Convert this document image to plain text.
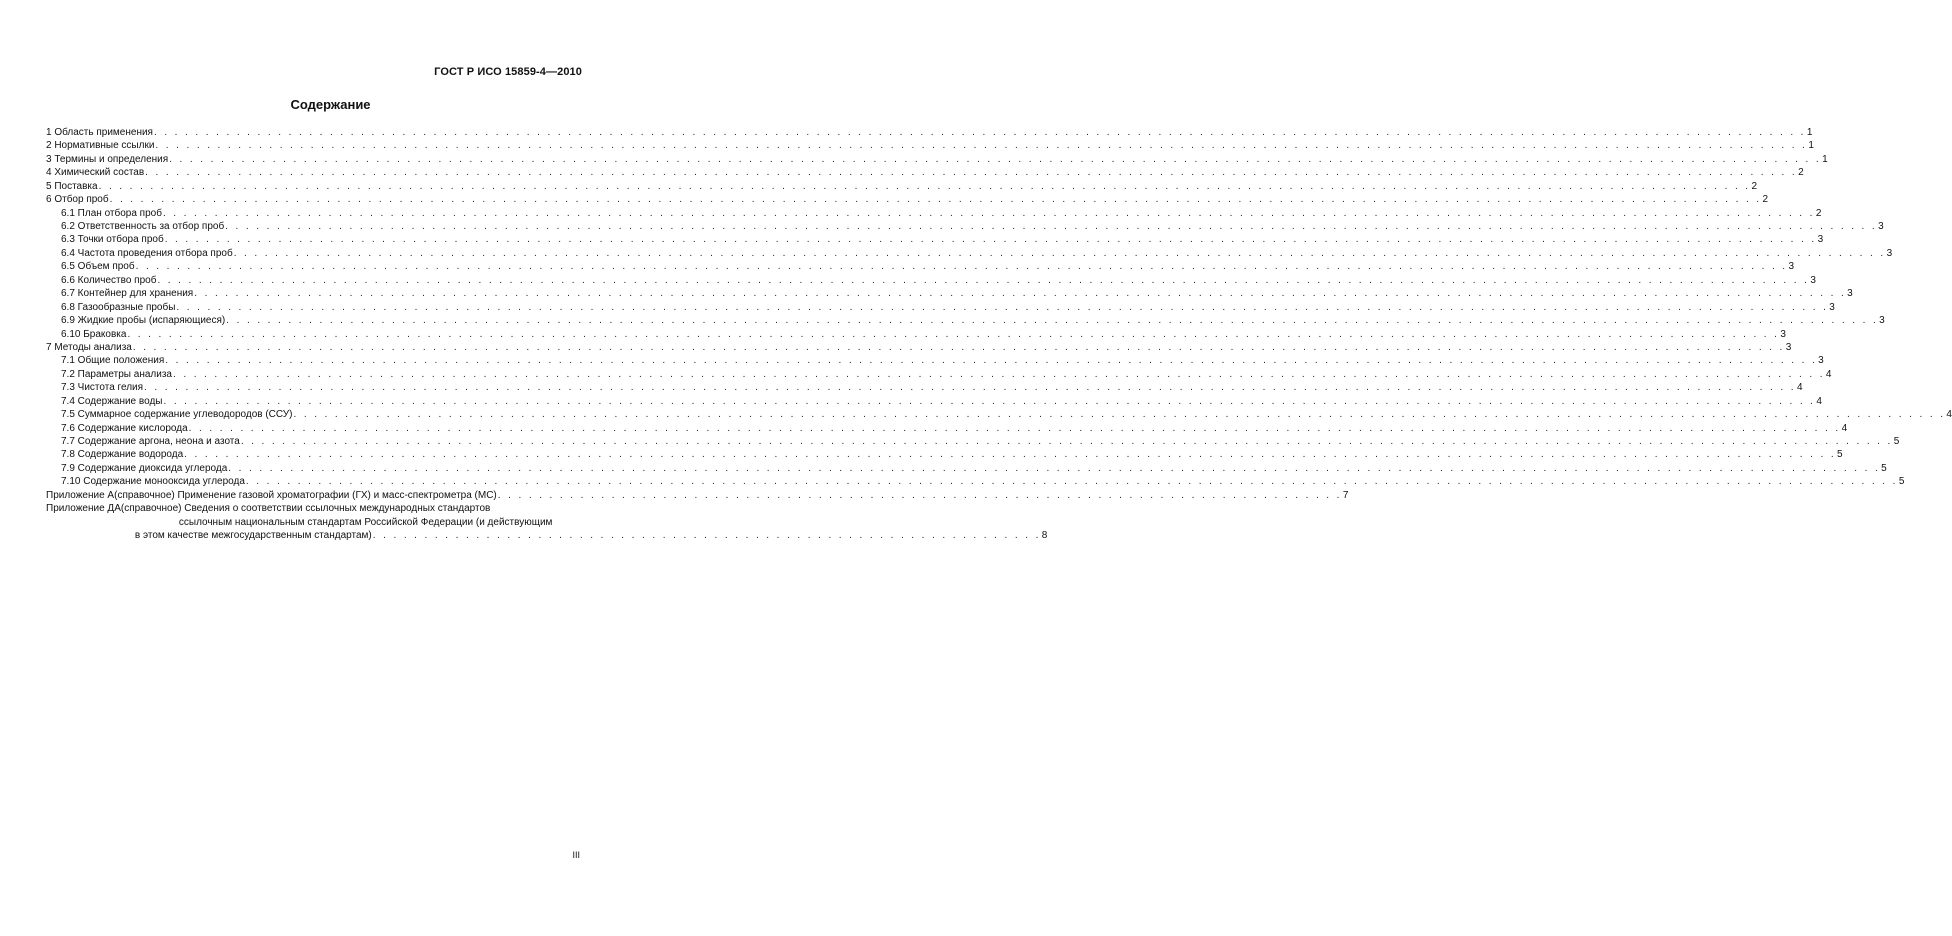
ГОСТ Р ИСО 15859-4—2010
Содержание
1 Область применения . . . . . . . . . . . . . . . . . . . . . . . . . . . . . . . . . . . . . . . . . . . . . . . . . . . . . . . . . . . . . . . . . . . . . . . . . . . . . . . . . . . . . . . . . . . . . . . . . . . . . . . . . . . . . . . . . . . . . . . . . . . . . . . . . . . . . . . . . . . . . . . . . . . . . . . . . . . . . . . . 1
2 Нормативные ссылки . . . . . . . . . . . . . . . . . . . . . . . . . . . . . . . . . . . . . . . . . . . . . . . . . . . . . . . . . . . . . . . . . . . . . . . . . . . . . . . . . . . . . . . . . . . . . . . . . . . . . . . . . . . . . . . . . . . . . . . . . . . . . . . . . . . . . . . . . . . . . . . . . . . . . . . . . . . . . . . . 1
3 Термины и определения . . . . . . . . . . . . . . . . . . . . . . . . . . . . . . . . . . . . . . . . . . . . . . . . . . . . . . . . . . . . . . . . . . . . . . . . . . . . . . . . . . . . . . . . . . . . . . . . . . . . . . . . . . . . . . . . . . . . . . . . . . . . . . . . . . . . . . . . . . . . . . . . . . . . . . . . . . . . . . . . 1
4 Химический состав . . . . . . . . . . . . . . . . . . . . . . . . . . . . . . . . . . . . . . . . . . . . . . . . . . . . . . . . . . . . . . . . . . . . . . . . . . . . . . . . . . . . . . . . . . . . . . . . . . . . . . . . . . . . . . . . . . . . . . . . . . . . . . . . . . . . . . . . . . . . . . . . . . . . . . . . . . . . . . . . 2
5 Поставка . . . . . . . . . . . . . . . . . . . . . . . . . . . . . . . . . . . . . . . . . . . . . . . . . . . . . . . . . . . . . . . . . . . . . . . . . . . . . . . . . . . . . . . . . . . . . . . . . . . . . . . . . . . . . . . . . . . . . . . . . . . . . . . . . . . . . . . . . . . . . . . . . . . . . . . . . . . . . . . . 2
6 Отбор проб . . . . . . . . . . . . . . . . . . . . . . . . . . . . . . . . . . . . . . . . . . . . . . . . . . . . . . . . . . . . . . . . . . . . . . . . . . . . . . . . . . . . . . . . . . . . . . . . . . . . . . . . . . . . . . . . . . . . . . . . . . . . . . . . . . . . . . . . . . . . . . . . . . . . . . . . . . . . . . . . 2
6.1 План отбора проб . . . . . . . . . . . . . . . . . . . . . . . . . . . . . . . . . . . . . . . . . . . . . . . . . . . . . . . . . . . . . . . . . . . . . . . . . . . . . . . . . . . . . . . . . . . . . . . . . . . . . . . . . . . . . . . . . . . . . . . . . . . . . . . . . . . . . . . . . . . . . . . . . . . . . . . . . . . . . . . . 2
6.2 Ответственность за отбор проб . . . . . . . . . . . . . . . . . . . . . . . . . . . . . . . . . . . . . . . . . . . . . . . . . . . . . . . . . . . . . . . . . . . . . . . . . . . . . . . . . . . . . . . . . . . . . . . . . . . . . . . . . . . . . . . . . . . . . . . . . . . . . . . . . . . . . . . . . . . . . . . . . . . . . . . . . . . . . . . . 3
6.3 Точки отбора проб . . . . . . . . . . . . . . . . . . . . . . . . . . . . . . . . . . . . . . . . . . . . . . . . . . . . . . . . . . . . . . . . . . . . . . . . . . . . . . . . . . . . . . . . . . . . . . . . . . . . . . . . . . . . . . . . . . . . . . . . . . . . . . . . . . . . . . . . . . . . . . . . . . . . . . . . . . . . . . . . 3
6.4 Частота проведения отбора проб . . . . . . . . . . . . . . . . . . . . . . . . . . . . . . . . . . . . . . . . . . . . . . . . . . . . . . . . . . . . . . . . . . . . . . . . . . . . . . . . . . . . . . . . . . . . . . . . . . . . . . . . . . . . . . . . . . . . . . . . . . . . . . . . . . . . . . . . . . . . . . . . . . . . . . . . . . . . . . . . 3
6.5 Объем проб . . . . . . . . . . . . . . . . . . . . . . . . . . . . . . . . . . . . . . . . . . . . . . . . . . . . . . . . . . . . . . . . . . . . . . . . . . . . . . . . . . . . . . . . . . . . . . . . . . . . . . . . . . . . . . . . . . . . . . . . . . . . . . . . . . . . . . . . . . . . . . . . . . . . . . . . . . . . . . . . 3
6.6 Количество проб . . . . . . . . . . . . . . . . . . . . . . . . . . . . . . . . . . . . . . . . . . . . . . . . . . . . . . . . . . . . . . . . . . . . . . . . . . . . . . . . . . . . . . . . . . . . . . . . . . . . . . . . . . . . . . . . . . . . . . . . . . . . . . . . . . . . . . . . . . . . . . . . . . . . . . . . . . . . . . . . 3
6.7 Контейнер для хранения . . . . . . . . . . . . . . . . . . . . . . . . . . . . . . . . . . . . . . . . . . . . . . . . . . . . . . . . . . . . . . . . . . . . . . . . . . . . . . . . . . . . . . . . . . . . . . . . . . . . . . . . . . . . . . . . . . . . . . . . . . . . . . . . . . . . . . . . . . . . . . . . . . . . . . . . . . . . . . . . 3
6.8 Газообразные пробы . . . . . . . . . . . . . . . . . . . . . . . . . . . . . . . . . . . . . . . . . . . . . . . . . . . . . . . . . . . . . . . . . . . . . . . . . . . . . . . . . . . . . . . . . . . . . . . . . . . . . . . . . . . . . . . . . . . . . . . . . . . . . . . . . . . . . . . . . . . . . . . . . . . . . . . . . . . . . . . . 3
6.9 Жидкие пробы (испаряющиеся) . . . . . . . . . . . . . . . . . . . . . . . . . . . . . . . . . . . . . . . . . . . . . . . . . . . . . . . . . . . . . . . . . . . . . . . . . . . . . . . . . . . . . . . . . . . . . . . . . . . . . . . . . . . . . . . . . . . . . . . . . . . . . . . . . . . . . . . . . . . . . . . . . . . . . . . . . . . . . . . . 3
6.10 Браковка . . . . . . . . . . . . . . . . . . . . . . . . . . . . . . . . . . . . . . . . . . . . . . . . . . . . . . . . . . . . . . . . . . . . . . . . . . . . . . . . . . . . . . . . . . . . . . . . . . . . . . . . . . . . . . . . . . . . . . . . . . . . . . . . . . . . . . . . . . . . . . . . . . . . . . . . . . . . . . . . 3
7 Методы анализа . . . . . . . . . . . . . . . . . . . . . . . . . . . . . . . . . . . . . . . . . . . . . . . . . . . . . . . . . . . . . . . . . . . . . . . . . . . . . . . . . . . . . . . . . . . . . . . . . . . . . . . . . . . . . . . . . . . . . . . . . . . . . . . . . . . . . . . . . . . . . . . . . . . . . . . . . . . . . . . . 3
7.1 Общие положения . . . . . . . . . . . . . . . . . . . . . . . . . . . . . . . . . . . . . . . . . . . . . . . . . . . . . . . . . . . . . . . . . . . . . . . . . . . . . . . . . . . . . . . . . . . . . . . . . . . . . . . . . . . . . . . . . . . . . . . . . . . . . . . . . . . . . . . . . . . . . . . . . . . . . . . . . . . . . . . . 3
7.2 Параметры анализа . . . . . . . . . . . . . . . . . . . . . . . . . . . . . . . . . . . . . . . . . . . . . . . . . . . . . . . . . . . . . . . . . . . . . . . . . . . . . . . . . . . . . . . . . . . . . . . . . . . . . . . . . . . . . . . . . . . . . . . . . . . . . . . . . . . . . . . . . . . . . . . . . . . . . . . . . . . . . . . . 4
7.3 Чистота гелия . . . . . . . . . . . . . . . . . . . . . . . . . . . . . . . . . . . . . . . . . . . . . . . . . . . . . . . . . . . . . . . . . . . . . . . . . . . . . . . . . . . . . . . . . . . . . . . . . . . . . . . . . . . . . . . . . . . . . . . . . . . . . . . . . . . . . . . . . . . . . . . . . . . . . . . . . . . . . . . . 4
7.4 Содержание воды . . . . . . . . . . . . . . . . . . . . . . . . . . . . . . . . . . . . . . . . . . . . . . . . . . . . . . . . . . . . . . . . . . . . . . . . . . . . . . . . . . . . . . . . . . . . . . . . . . . . . . . . . . . . . . . . . . . . . . . . . . . . . . . . . . . . . . . . . . . . . . . . . . . . . . . . . . . . . . . . 4
7.5 Суммарное содержание углеводородов (ССУ) . . . . . . . . . . . . . . . . . . . . . . . . . . . . . . . . . . . . . . . . . . . . . . . . . . . . . . . . . . . . . . . . . . . . . . . . . . . . . . . . . . . . . . . . . . . . . . . . . . . . . . . . . . . . . . . . . . . . . . . . . . . . . . . . . . . . . . . . . . . . . . . . . . . . . . . . . . . . . . . . 4
7.6 Содержание кислорода . . . . . . . . . . . . . . . . . . . . . . . . . . . . . . . . . . . . . . . . . . . . . . . . . . . . . . . . . . . . . . . . . . . . . . . . . . . . . . . . . . . . . . . . . . . . . . . . . . . . . . . . . . . . . . . . . . . . . . . . . . . . . . . . . . . . . . . . . . . . . . . . . . . . . . . . . . . . . . . . 4
7.7 Содержание аргона, неона и азота . . . . . . . . . . . . . . . . . . . . . . . . . . . . . . . . . . . . . . . . . . . . . . . . . . . . . . . . . . . . . . . . . . . . . . . . . . . . . . . . . . . . . . . . . . . . . . . . . . . . . . . . . . . . . . . . . . . . . . . . . . . . . . . . . . . . . . . . . . . . . . . . . . . . . . . . . . . . . . . . 5
7.8 Содержание водорода . . . . . . . . . . . . . . . . . . . . . . . . . . . . . . . . . . . . . . . . . . . . . . . . . . . . . . . . . . . . . . . . . . . . . . . . . . . . . . . . . . . . . . . . . . . . . . . . . . . . . . . . . . . . . . . . . . . . . . . . . . . . . . . . . . . . . . . . . . . . . . . . . . . . . . . . . . . . . . . . 5
7.9 Содержание диоксида углерода . . . . . . . . . . . . . . . . . . . . . . . . . . . . . . . . . . . . . . . . . . . . . . . . . . . . . . . . . . . . . . . . . . . . . . . . . . . . . . . . . . . . . . . . . . . . . . . . . . . . . . . . . . . . . . . . . . . . . . . . . . . . . . . . . . . . . . . . . . . . . . . . . . . . . . . . . . . . . . . . 5
7.10 Содержание монооксида углерода . . . . . . . . . . . . . . . . . . . . . . . . . . . . . . . . . . . . . . . . . . . . . . . . . . . . . . . . . . . . . . . . . . . . . . . . . . . . . . . . . . . . . . . . . . . . . . . . . . . . . . . . . . . . . . . . . . . . . . . . . . . . . . . . . . . . . . . . . . . . . . . . . . . . . . . . . . . . . . . . 5
Приложение А (справочное) Применение газовой хроматографии (ГХ) и масс-спектрометра (МС) . . . . . . . . . . . . . . . . . . . . . . . . . . . . . . . . . . . . . . . . . . . . . . . . . . . . . . . . . . . . . . . . . . . . . . . . . . . . . . . . . . 7
Приложение ДА (справочное) Сведения о соответствии ссылочных международных стандартов
ссылочным национальным стандартам Российской Федерации (и действующим
в этом качестве межгосударственным стандартам) . . . . . . . . . . . . . . . . . . . . . . . . . . . . . . . . . . . . . . . . . . . . . . . . . . . . . . . . . . . . . . . . . 8
III
